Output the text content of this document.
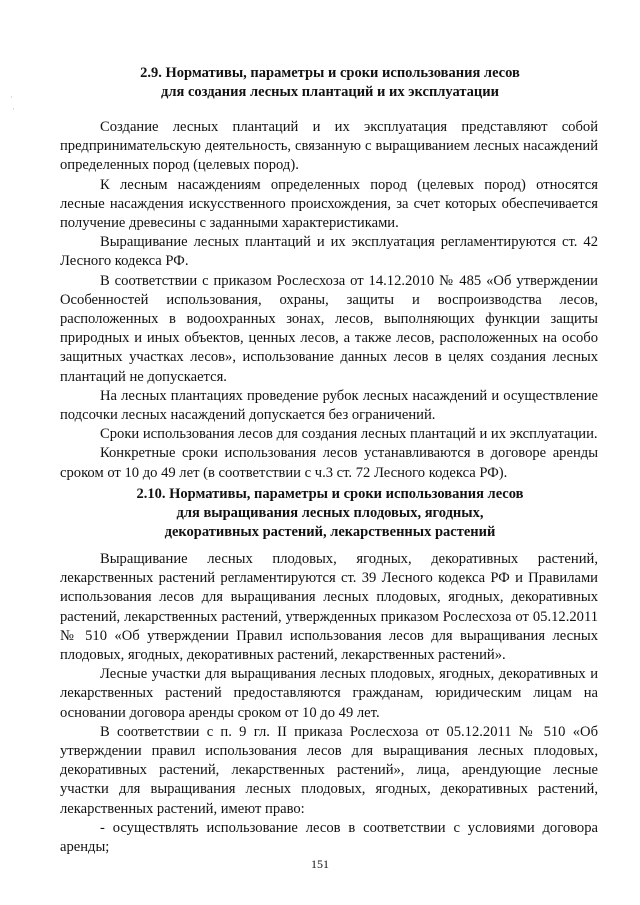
·
·
2.9. Нормативы, параметры и сроки использования лесов
для создания лесных плантаций и их эксплуатации

Создание лесных плантаций и их эксплуатация представляют собой предпринимательскую деятельность, связанную с выращиванием лесных насаждений определенных пород (целевых пород).

К лесным насаждениям определенных пород (целевых пород) относятся лесные насаждения искусственного происхождения, за счет которых обеспечивается получение древесины с заданными характеристиками.

Выращивание лесных плантаций и их эксплуатация регламентируются ст. 42 Лесного кодекса РФ.

В соответствии с приказом Рослесхоза от 14.12.2010 № 485 «Об утверждении Особенностей использования, охраны, защиты и воспроизводства лесов, расположенных в водоохранных зонах, лесов, выполняющих функции защиты природных и иных объектов, ценных лесов, а также лесов, расположенных на особо защитных участках лесов», использование данных лесов в целях создания лесных плантаций не допускается.

На лесных плантациях проведение рубок лесных насаждений и осуществление подсочки лесных насаждений допускается без ограничений.

Сроки использования лесов для создания лесных плантаций и их эксплуатации.

Конкретные сроки использования лесов устанавливаются в договоре аренды сроком от 10 до 49 лет (в соответствии с ч.3 ст. 72 Лесного кодекса РФ).

2.10. Нормативы, параметры и сроки использования лесов
для выращивания лесных плодовых, ягодных,
декоративных растений, лекарственных растений

Выращивание лесных плодовых, ягодных, декоративных растений, лекарственных растений регламентируются ст. 39 Лесного кодекса РФ и Правилами использования лесов для выращивания лесных плодовых, ягодных, декоративных растений, лекарственных растений, утвержденных приказом Рослесхоза от 05.12.2011 № 510 «Об утверждении Правил использования лесов для выращивания лесных плодовых, ягодных, декоративных растений, лекарственных растений».

Лесные участки для выращивания лесных плодовых, ягодных, декоративных и лекарственных растений предоставляются гражданам, юридическим лицам на основании договора аренды сроком от 10 до 49 лет.

В соответствии с п. 9 гл. II приказа Рослесхоза от 05.12.2011 № 510 «Об утверждении правил использования лесов для выращивания лесных плодовых, декоративных растений, лекарственных растений», лица, арендующие лесные участки для выращивания лесных плодовых, ягодных, декоративных растений, лекарственных растений, имеют право:

- осуществлять использование лесов в соответствии с условиями договора аренды;

151
